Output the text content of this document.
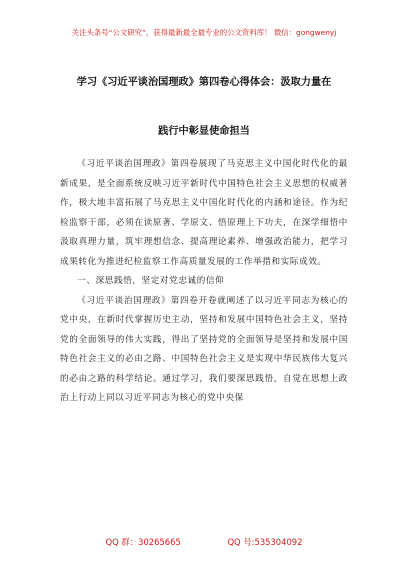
关注头条号“公文研究”，获得最新最全最专业的公文资料库！ 微信：gongwenyj
学习《习近平谈治国理政》第四卷心得体会：汲取力量在
践行中彰显使命担当

《习近平谈治国理政》第四卷展现了马克思主义中国化时代化的最新成果，是全面系统反映习近平新时代中国特色社会主义思想的权威著作，极大地丰富拓展了马克思主义中国化时代化的内涵和途径。作为纪检监察干部，必须在读原著、学原文、悟原理上下功夫，在深学细悟中汲取真理力量，筑牢理想信念、提高理论素养、增强政治能力，把学习成果转化为推进纪检监察工作高质量发展的工作举措和实际成效。

一、深思践悟，坚定对党忠诚的信仰

《习近平谈治国理政》第四卷开卷就阐述了以习近平同志为核心的党中央，在新时代掌握历史主动，坚持和发展中国特色社会主义，坚持党的全面领导的伟大实践，得出了坚持党的全面领导是坚持和发展中国特色社会主义的必由之路、中国特色社会主义是实现中华民族伟大复兴的必由之路的科学结论。通过学习，我们要深思践悟，自觉在思想上政治上行动上同以习近平同志为核心的党中央保

QQ 群：30265665	QQ 号:535304092
